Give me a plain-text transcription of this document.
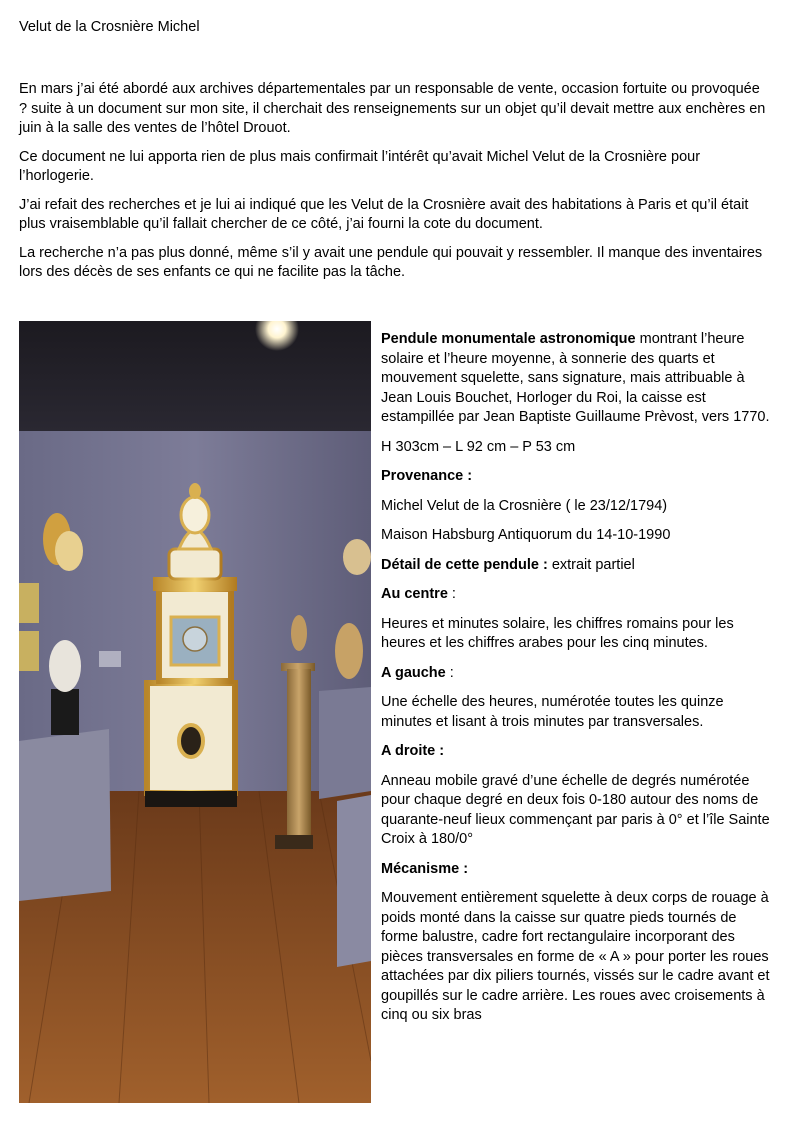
Velut de la Crosnière Michel

En mars j’ai été abordé aux archives départementales par un responsable de vente, occasion fortuite ou provoquée ? suite à un document sur mon site, il cherchait des renseignements sur un objet qu’il devait mettre aux enchères en juin à la salle des ventes de l’hôtel Drouot.

Ce document ne lui apporta rien de plus mais confirmait l’intérêt qu’avait Michel Velut de la Crosnière pour l’horlogerie.

J’ai refait des recherches et je lui ai indiqué que les Velut de la Crosnière avait des habitations à Paris et qu’il était plus vraisemblable qu’il fallait chercher de ce côté, j’ai fourni la cote du document.

La recherche n’a pas plus donné, même s’il y avait une pendule qui pouvait y ressembler. Il manque des inventaires lors des décès de ses enfants ce qui ne facilite pas la tâche.

Pendule monumentale astronomique montrant l’heure solaire et l’heure moyenne, à sonnerie des quarts et mouvement squelette, sans signature, mais attribuable à Jean Louis Bouchet, Horloger du Roi, la caisse est estampillée par Jean Baptiste Guillaume Prèvost, vers 1770.

H 303cm – L 92 cm – P 53 cm

Provenance :

Michel Velut de la Crosnière ( le 23/12/1794)

Maison Habsburg Antiquorum du 14-10-1990

Détail de cette pendule : extrait partiel

Au centre :

Heures et minutes solaire, les chiffres romains pour les heures et les chiffres arabes pour les cinq minutes.

A gauche :

Une échelle des heures, numérotée toutes les quinze minutes et lisant à trois minutes par transversales.

A droite :

Anneau mobile gravé d’une échelle de degrés numérotée pour chaque degré en deux fois 0-180 autour des noms de quarante-neuf lieux commençant par paris à 0° et l’île Sainte Croix à 180/0°

Mécanisme :

Mouvement entièrement squelette à deux corps de rouage à poids monté dans la caisse sur quatre pieds tournés de forme balustre, cadre fort rectangulaire incorporant des pièces transversales en forme de « A » pour porter les roues attachées par dix piliers tournés, vissés sur le cadre avant et goupillés sur le cadre arrière. Les roues avec croisements à cinq ou six bras
